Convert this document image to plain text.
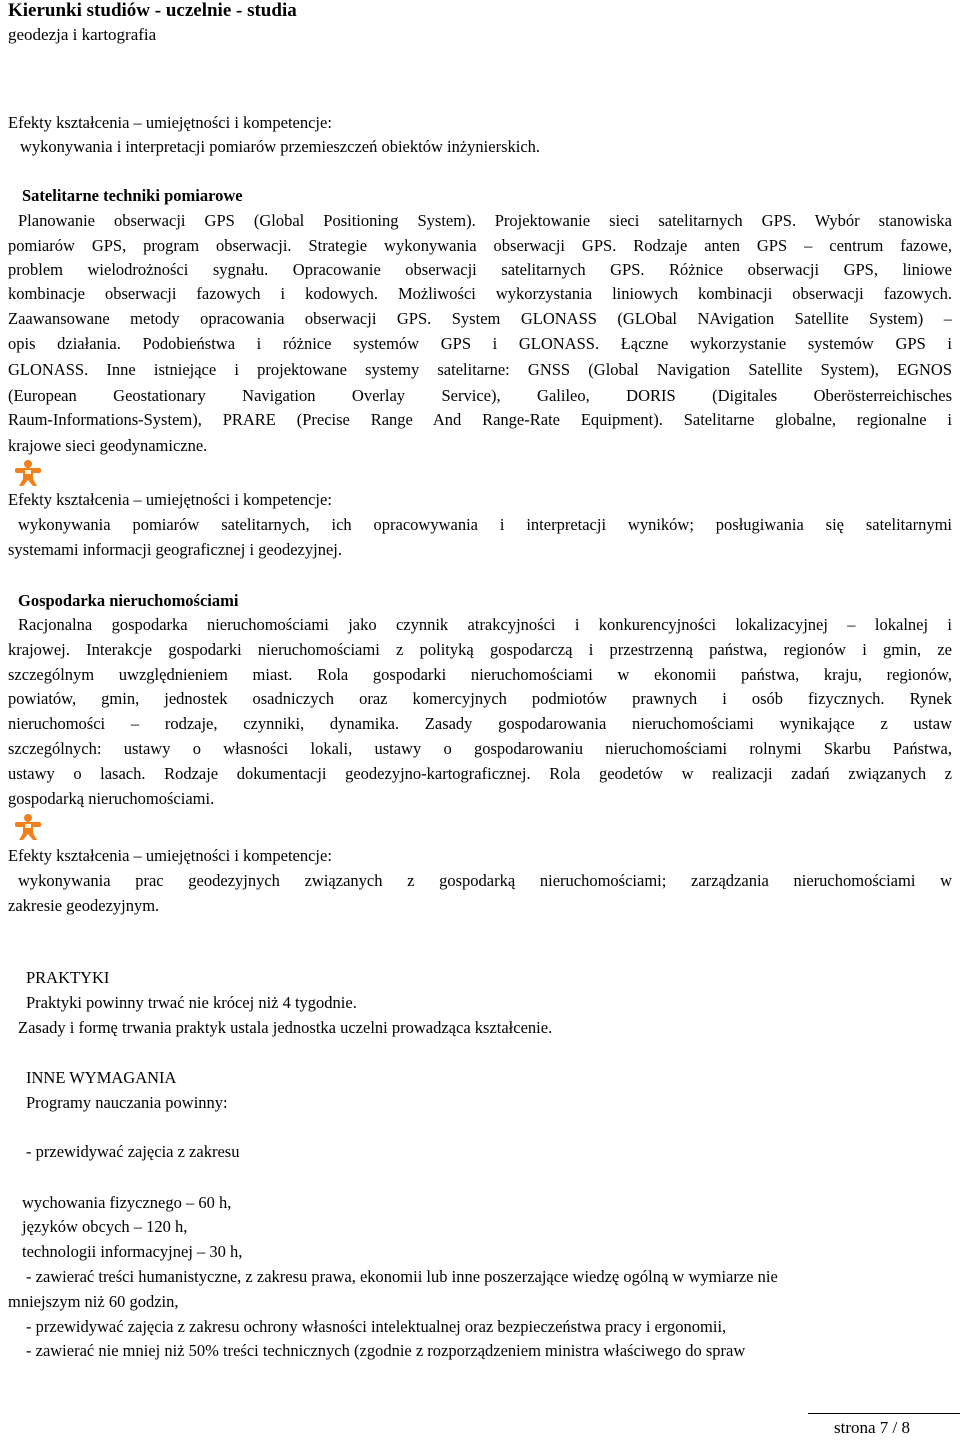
Kierunki studiów - uczelnie - studia
geodezja i kartografia
Efekty kształcenia – umiejętności i kompetencje:
wykonywania i interpretacji pomiarów przemieszczeń obiektów inżynierskich.
Satelitarne techniki pomiarowe
Planowanie obserwacji GPS (Global Positioning System). Projektowanie sieci satelitarnych GPS. Wybór stanowiska
pomiarów GPS, program obserwacji. Strategie wykonywania obserwacji GPS. Rodzaje anten GPS – centrum fazowe,
problem wielodrożności sygnału. Opracowanie obserwacji satelitarnych GPS. Różnice obserwacji GPS, liniowe
kombinacje obserwacji fazowych i kodowych. Możliwości wykorzystania liniowych kombinacji obserwacji fazowych.
Zaawansowane metody opracowania obserwacji GPS. System GLONASS (GLObal NAvigation Satellite System) –
opis działania. Podobieństwa i różnice systemów GPS i GLONASS. Łączne wykorzystanie systemów GPS i
GLONASS. Inne istniejące i projektowane systemy satelitarne: GNSS (Global Navigation Satellite System), EGNOS
(European Geostationary Navigation Overlay Service), Galileo, DORIS (Digitales Oberösterreichisches
Raum-Informations-System), PRARE (Precise Range And Range-Rate Equipment). Satelitarne globalne, regionalne i
krajowe sieci geodynamiczne.
Efekty kształcenia – umiejętności i kompetencje:
wykonywania pomiarów satelitarnych, ich opracowywania i interpretacji wyników; posługiwania się satelitarnymi
systemami informacji geograficznej i geodezyjnej.
Gospodarka nieruchomościami
Racjonalna gospodarka nieruchomościami jako czynnik atrakcyjności i konkurencyjności lokalizacyjnej – lokalnej i
krajowej. Interakcje gospodarki nieruchomościami z polityką gospodarczą i przestrzenną państwa, regionów i gmin, ze
szczególnym uwzględnieniem miast. Rola gospodarki nieruchomościami w ekonomii państwa, kraju, regionów,
powiatów, gmin, jednostek osadniczych oraz komercyjnych podmiotów prawnych i osób fizycznych. Rynek
nieruchomości – rodzaje, czynniki, dynamika. Zasady gospodarowania nieruchomościami wynikające z ustaw
szczególnych: ustawy o własności lokali, ustawy o gospodarowaniu nieruchomościami rolnymi Skarbu Państwa,
ustawy o lasach. Rodzaje dokumentacji geodezyjno-kartograficznej. Rola geodetów w realizacji zadań związanych z
gospodarką nieruchomościami.
Efekty kształcenia – umiejętności i kompetencje:
wykonywania prac geodezyjnych związanych z gospodarką nieruchomościami; zarządzania nieruchomościami w
zakresie geodezyjnym.
PRAKTYKI
Praktyki powinny trwać nie krócej niż 4 tygodnie.
Zasady i formę trwania praktyk ustala jednostka uczelni prowadząca kształcenie.
INNE WYMAGANIA
Programy nauczania powinny:
- przewidywać zajęcia z zakresu
wychowania fizycznego – 60 h,
języków obcych – 120 h,
technologii informacyjnej – 30 h,
- zawierać treści humanistyczne, z zakresu prawa, ekonomii lub inne poszerzające wiedzę ogólną w wymiarze nie
mniejszym niż 60 godzin,
- przewidywać zajęcia z zakresu ochrony własności intelektualnej oraz bezpieczeństwa pracy i ergonomii,
- zawierać nie mniej niż 50% treści technicznych (zgodnie z rozporządzeniem ministra właściwego do spraw
strona 7 / 8
